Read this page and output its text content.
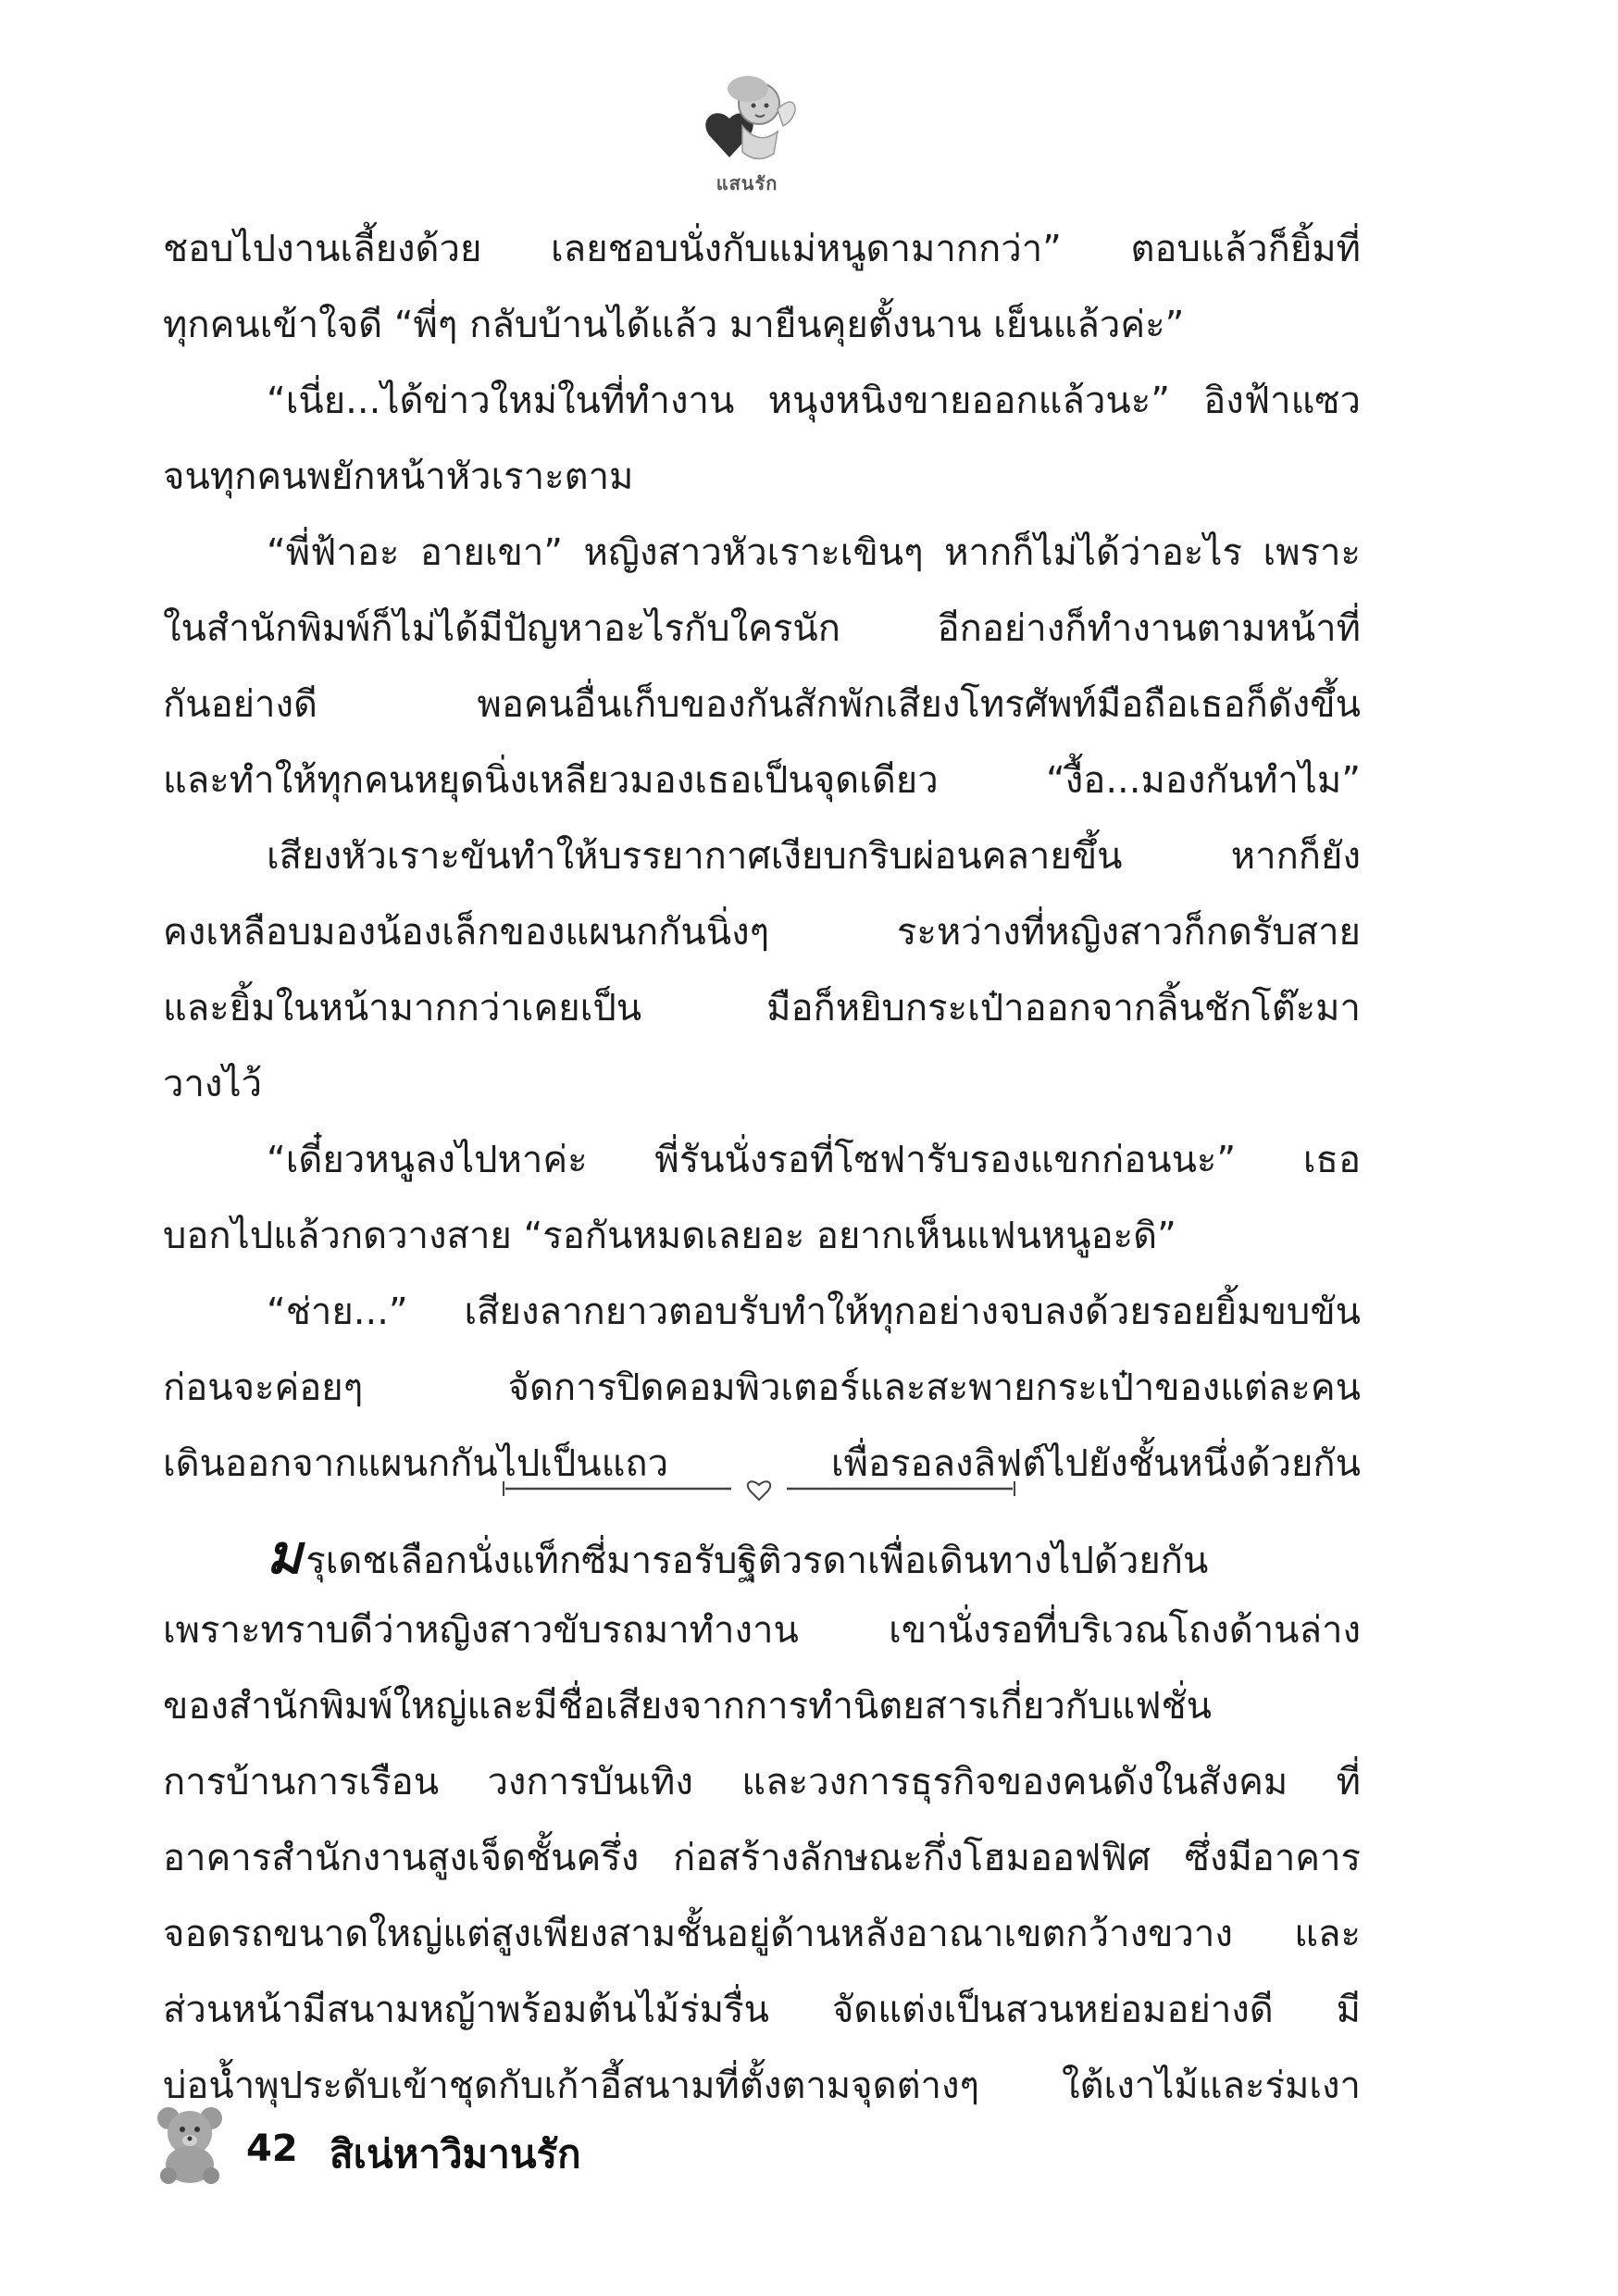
แสนรัก
ชอบไปงานเลี้ยงด้วย เลยชอบนั่งกับแม่หนูดามากกว่า” ตอบแล้วก็ยิ้มที่
ทุกคนเข้าใจดี “พี่ๆ กลับบ้านได้แล้ว มายืนคุยตั้งนาน เย็นแล้วค่ะ”
“เนี่ย...ได้ข่าวใหม่ในที่ทำงาน หนุงหนิงขายออกแล้วนะ” อิงฟ้าแซว
จนทุกคนพยักหน้าหัวเราะตาม
“พี่ฟ้าอะ อายเขา” หญิงสาวหัวเราะเขินๆ หากก็ไม่ได้ว่าอะไร เพราะ
ในสำนักพิมพ์ก็ไม่ได้มีปัญหาอะไรกับใครนัก อีกอย่างก็ทำงานตามหน้าที่
กันอย่างดี พอคนอื่นเก็บของกันสักพักเสียงโทรศัพท์มือถือเธอก็ดังขึ้น
และทำให้ทุกคนหยุดนิ่งเหลียวมองเธอเป็นจุดเดียว “งื้อ...มองกันทำไม”
เสียงหัวเราะขันทำให้บรรยากาศเงียบกริบผ่อนคลายขึ้น หากก็ยัง
คงเหลือบมองน้องเล็กของแผนกกันนิ่งๆ ระหว่างที่หญิงสาวก็กดรับสาย
และยิ้มในหน้ามากกว่าเคยเป็น มือก็หยิบกระเป๋าออกจากลิ้นชักโต๊ะมา
วางไว้
“เดี๋ยวหนูลงไปหาค่ะ พี่รันนั่งรอที่โซฟารับรองแขกก่อนนะ” เธอ
บอกไปแล้วกดวางสาย “รอกันหมดเลยอะ อยากเห็นแฟนหนูอะดิ”
“ช่าย...” เสียงลากยาวตอบรับทำให้ทุกอย่างจบลงด้วยรอยยิ้มขบขัน
ก่อนจะค่อยๆ จัดการปิดคอมพิวเตอร์และสะพายกระเป๋าของแต่ละคน
เดินออกจากแผนกกันไปเป็นแถว เพื่อรอลงลิฟต์ไปยังชั้นหนึ่งด้วยกัน
ม รุเดชเลือกนั่งแท็กซี่มารอรับฐิติวรดาเพื่อเดินทางไปด้วยกัน
เพราะทราบดีว่าหญิงสาวขับรถมาทำงาน เขานั่งรอที่บริเวณโถงด้านล่าง
ของสำนักพิมพ์ใหญ่และมีชื่อเสียงจากการทำนิตยสารเกี่ยวกับแฟชั่น
การบ้านการเรือน วงการบันเทิง และวงการธุรกิจของคนดังในสังคม ที่
อาคารสำนักงานสูงเจ็ดชั้นครึ่ง ก่อสร้างลักษณะกึ่งโฮมออฟฟิศ ซึ่งมีอาคาร
จอดรถขนาดใหญ่แต่สูงเพียงสามชั้นอยู่ด้านหลังอาณาเขตกว้างขวาง และ
ส่วนหน้ามีสนามหญ้าพร้อมต้นไม้ร่มรื่น จัดแต่งเป็นสวนหย่อมอย่างดี มี
บ่อน้ำพุประดับเข้าชุดกับเก้าอี้สนามที่ตั้งตามจุดต่างๆ ใต้เงาไม้และร่มเงา
42 สิเน่หาวิมานรัก
